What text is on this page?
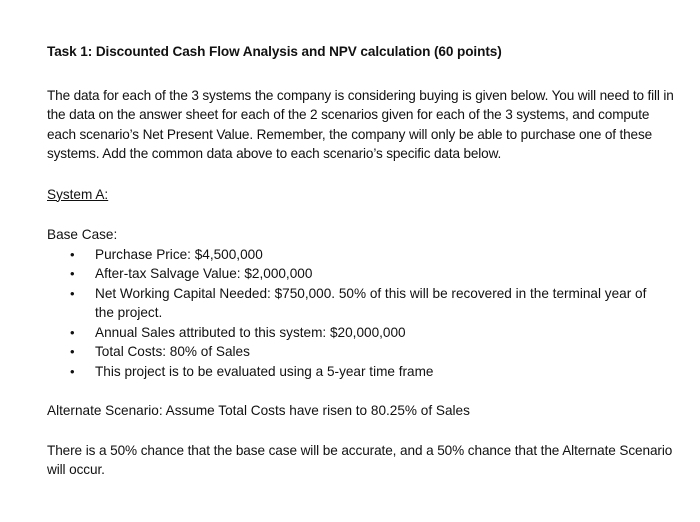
Task 1: Discounted Cash Flow Analysis and NPV calculation (60 points)

The data for each of the 3 systems the company is considering buying is given below. You will need to fill in the data on the answer sheet for each of the 2 scenarios given for each of the 3 systems, and compute each scenario’s Net Present Value. Remember, the company will only be able to purchase one of these systems. Add the common data above to each scenario’s specific data below.

System A:

Base Case:

• Purchase Price: $4,500,000
• After-tax Salvage Value: $2,000,000
• Net Working Capital Needed: $750,000. 50% of this will be recovered in the terminal year of the project.
• Annual Sales attributed to this system: $20,000,000
• Total Costs: 80% of Sales
• This project is to be evaluated using a 5-year time frame

Alternate Scenario: Assume Total Costs have risen to 80.25% of Sales

There is a 50% chance that the base case will be accurate, and a 50% chance that the Alternate Scenario will occur.
